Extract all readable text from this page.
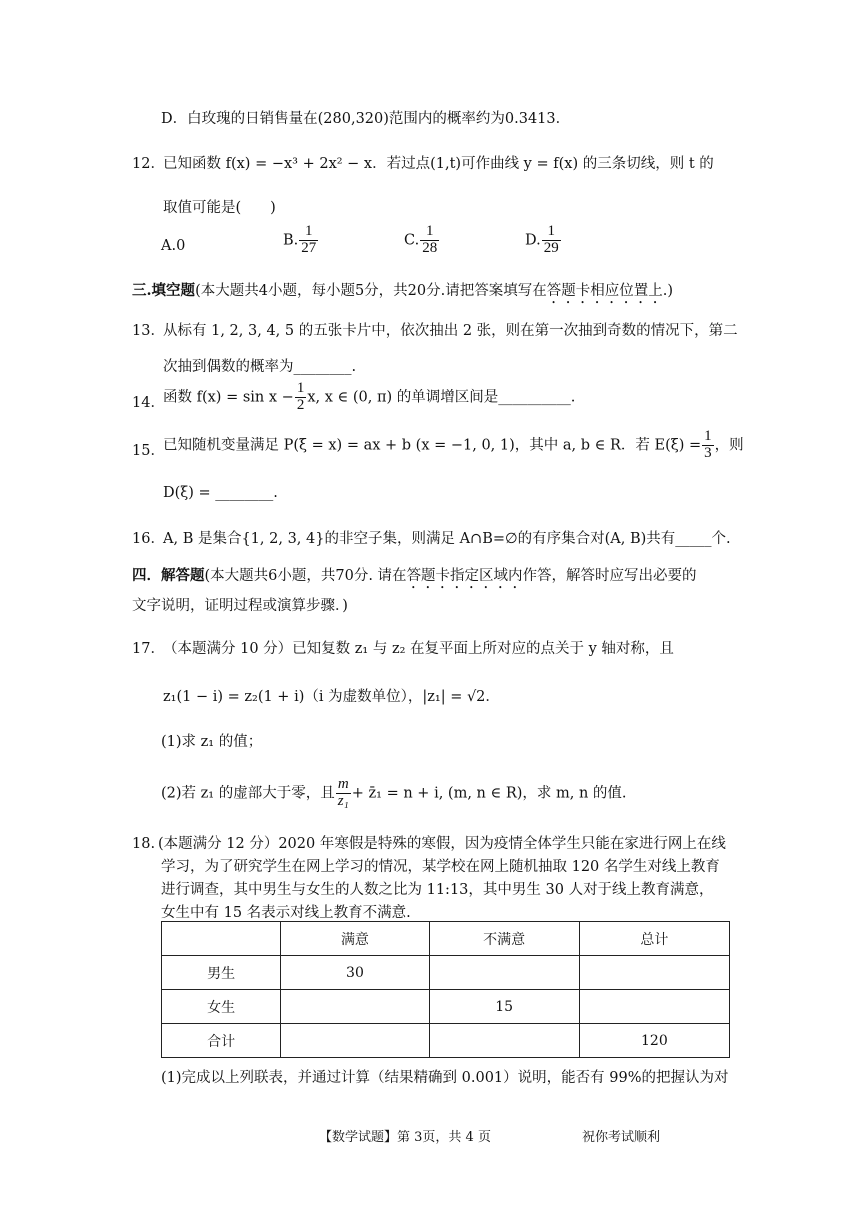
D．白玫瑰的日销售量在(280,320)范围内的概率约为0.3413．
12．
已知函数 f(x) = −x³ + 2x² − x．若过点(1,t)可作曲线 y = f(x) 的三条切线，则 t 的
取值可能是(　　)
A.0	B. $\frac{1}{27}$	C. $\frac{1}{28}$	D. $\frac{1}{29}$
三.填空题(本大题共4小题，每小题5分，共20分.请把答案填写在答题卡相应位置上.)
13．
从标有 1, 2, 3, 4, 5 的五张卡片中，依次抽出 2 张，则在第一次抽到奇数的情况下，第二
次抽到偶数的概率为________.
14．
函数 $f(x) = \sin x - \frac{1}{2} x$, x ∈ (0, π) 的单调增区间是__________.
15．
已知随机变量满足 P(ξ = x) = ax + b (x = −1, 0, 1)，其中 a, b ∈ R．若 $E(\xi) = \frac{1}{3}$ ，则
D(ξ) = ________.
16．
A, B 是集合{1, 2, 3, 4}的非空子集，则满足 A∩B=∅的有序集合对(A, B)共有_____个.
四．解答题(本大题共6小题，共70分. 请在答题卡指定区域内作答，解答时应写出必要的
文字说明，证明过程或演算步骤．)
17．
（本题满分 10 分）已知复数 z₁ 与 z₂ 在复平面上所对应的点关于 y 轴对称，且
z₁(1 − i) = z₂(1 + i)（i 为虚数单位），|z₁| = √2．
(1)求 z₁ 的值；
(2)若 z₁ 的虚部大于零，且 $\frac{m}{\text{z₁}}$ + z̄₁ = n + i, (m, n ∈ R)，求 m, n 的值.
18. (本题满分 12 分）2020 年寒假是特殊的寒假，因为疫情全体学生只能在家进行网上在线
学习，为了研究学生在网上学习的情况，某学校在网上随机抽取 120 名学生对线上教育
进行调查，其中男生与女生的人数之比为 11:13，其中男生 30 人对于线上教育满意，
女生中有 15 名表示对线上教育不满意.
	满意	不满意	总计
男生	30		
女生		15	
合计			120
(1)完成以上列联表，并通过计算（结果精确到 0.001）说明，能否有 99%的把握认为对
【数学试题】第 3页，共 4 页	祝你考试顺利
